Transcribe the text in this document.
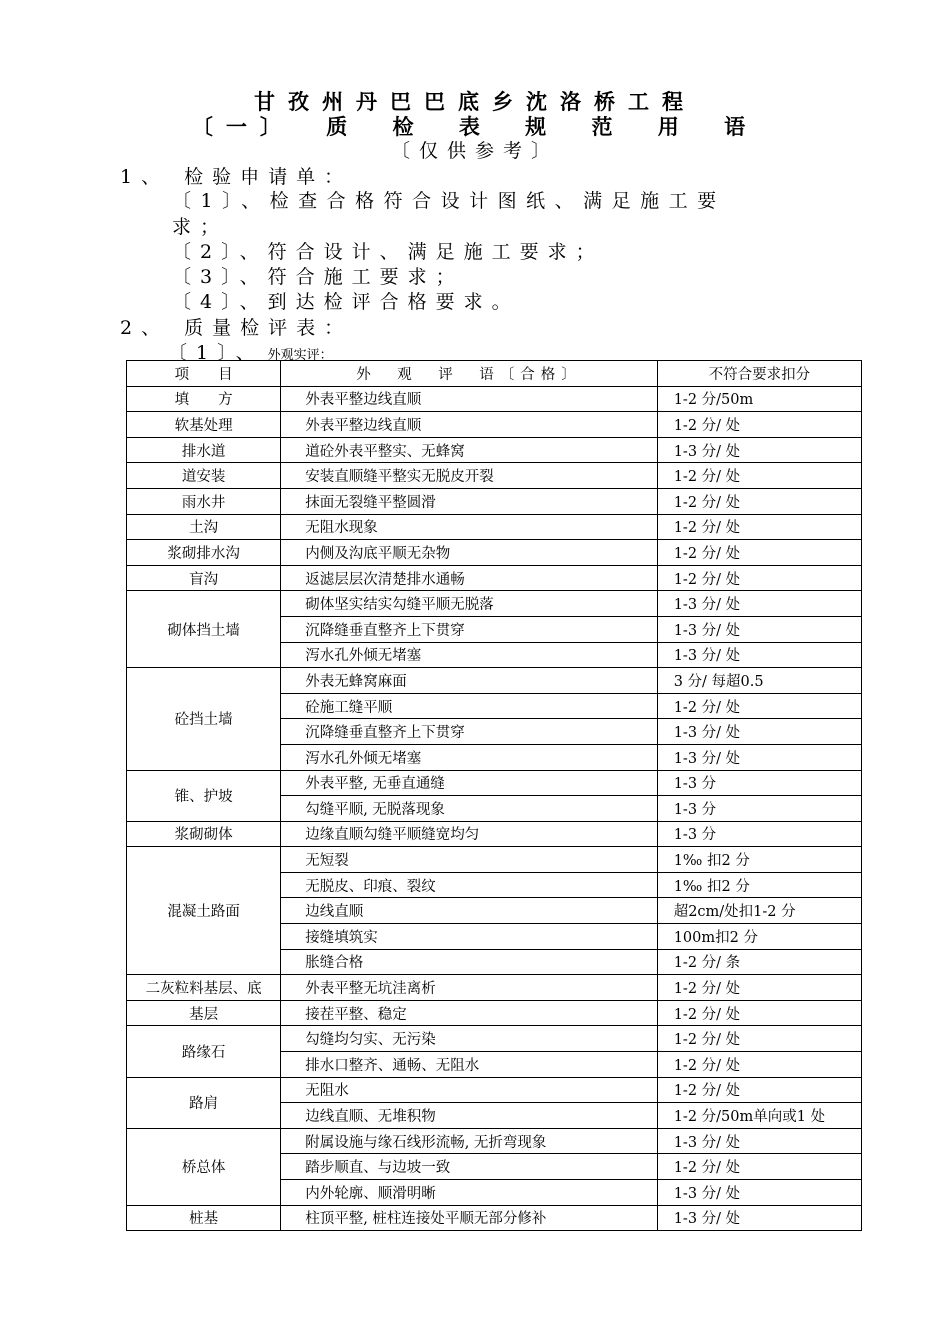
甘孜州丹巴巴底乡沈洛桥工程
〔一〕 质 检 表 规 范 用 语
〔仅供参考〕
1、 检验申请单：
〔1〕、检查合格符合设计图纸、满足施工要
求；
〔2〕、符合设计、满足施工要求；
〔3〕、符合施工要求；
〔4〕、到达检评合格要求。
2、 质量检评表：
〔1〕、 外观实评：
项　　目	外　观　评　语〔合格〕	不符合要求扣分
填　　方	外表平整边线直顺	1-2 分/50m
软基处理	外表平整边线直顺	1-2 分/ 处
排水道	道砼外表平整实、无蜂窝	1-3 分/ 处
道安装	安装直顺缝平整实无脱皮开裂	1-2 分/ 处
雨水井	抹面无裂缝平整圆滑	1-2 分/ 处
土沟	无阻水现象	1-2 分/ 处
浆砌排水沟	内侧及沟底平顺无杂物	1-2 分/ 处
盲沟	返滤层层次清楚排水通畅	1-2 分/ 处
砌体挡土墙	砌体坚实结实勾缝平顺无脱落	1-3 分/ 处
	沉降缝垂直整齐上下贯穿	1-3 分/ 处
	泻水孔外倾无堵塞	1-3 分/ 处
砼挡土墙	外表无蜂窝麻面	3 分/ 每超0.5
	砼施工缝平顺	1-2 分/ 处
	沉降缝垂直整齐上下贯穿	1-3 分/ 处
	泻水孔外倾无堵塞	1-3 分/ 处
锥、护坡	外表平整, 无垂直通缝	1-3 分
	勾缝平顺, 无脱落现象	1-3 分
浆砌砌体	边缘直顺勾缝平顺缝宽均匀	1-3 分
混凝土路面	无短裂	1‰ 扣2 分
	无脱皮、印痕、裂纹	1‰ 扣2 分
	边线直顺	超2cm/处扣1-2 分
	接缝填筑实	100m扣2 分
	胀缝合格	1-2 分/ 条
二灰粒料基层、底	外表平整无坑洼离析	1-2 分/ 处
基层	接茬平整、稳定	1-2 分/ 处
路缘石	勾缝均匀实、无污染	1-2 分/ 处
	排水口整齐、通畅、无阻水	1-2 分/ 处
路肩	无阻水	1-2 分/ 处
	边线直顺、无堆积物	1-2 分/50m单向或1 处
桥总体	附属设施与缘石线形流畅, 无折弯现象	1-3 分/ 处
	踏步顺直、与边坡一致	1-2 分/ 处
	内外轮廓、顺滑明晰	1-3 分/ 处
桩基	柱顶平整, 桩柱连接处平顺无部分修补	1-3 分/ 处
